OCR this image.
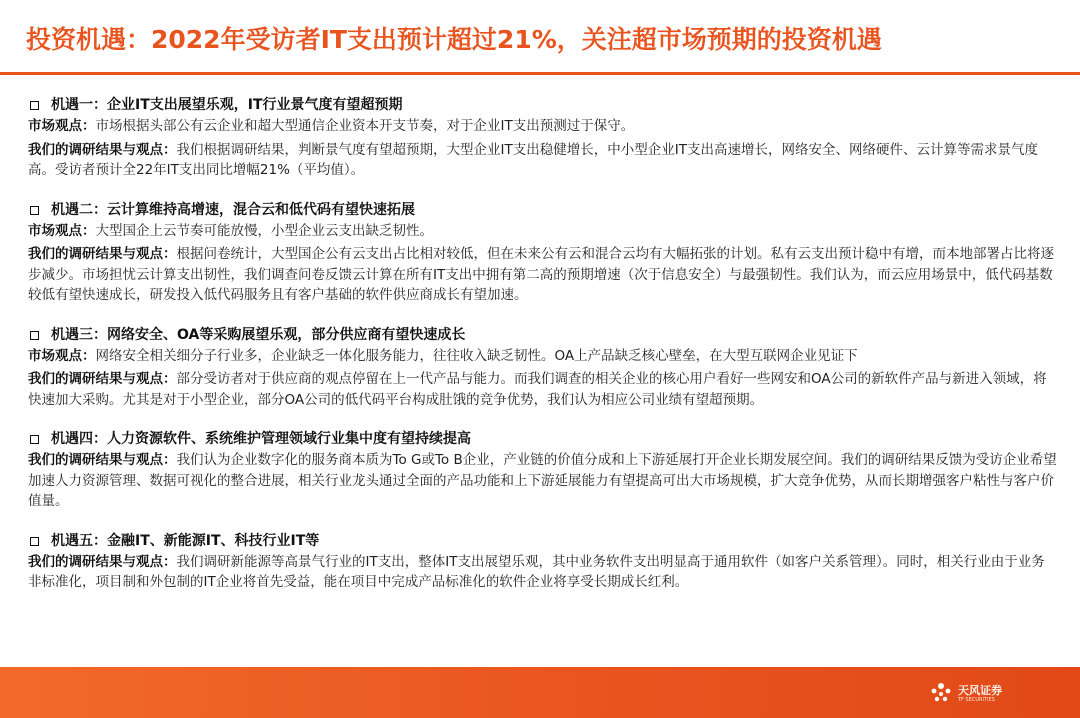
投资机遇：2022年受访者IT支出预计超过21%，关注超市场预期的投资机遇
机遇一：企业IT支出展望乐观，IT行业景气度有望超预期

市场观点：市场根据头部公有云企业和超大型通信企业资本开支节奏，对于企业IT支出预测过于保守。

我们的调研结果与观点：我们根据调研结果，判断景气度有望超预期，大型企业IT支出稳健增长，中小型企业IT支出高速增长，网络安全、网络硬件、云计算等需求景气度高。受访者预计全22年IT支出同比增幅21%（平均值）。

机遇二：云计算维持高增速，混合云和低代码有望快速拓展

市场观点：大型国企上云节奏可能放慢，小型企业云支出缺乏韧性。

我们的调研结果与观点：根据问卷统计，大型国企公有云支出占比相对较低，但在未来公有云和混合云均有大幅拓张的计划。私有云支出预计稳中有增，而本地部署占比将逐步减少。市场担忧云计算支出韧性，我们调查问卷反馈云计算在所有IT支出中拥有第二高的预期增速（次于信息安全）与最强韧性。我们认为，而云应用场景中，低代码基数较低有望快速成长，研发投入低代码服务且有客户基础的软件供应商成长有望加速。

机遇三：网络安全、OA等采购展望乐观，部分供应商有望快速成长

市场观点：网络安全相关细分子行业多，企业缺乏一体化服务能力，往往收入缺乏韧性。OA上产品缺乏核心壁垒，在大型互联网企业见证下

我们的调研结果与观点：部分受访者对于供应商的观点停留在上一代产品与能力。而我们调查的相关企业的核心用户看好一些网安和OA公司的新软件产品与新进入领域，将快速加大采购。尤其是对于小型企业，部分OA公司的低代码平台构成肚饿的竞争优势，我们认为相应公司业绩有望超预期。

机遇四：人力资源软件、系统维护管理领域行业集中度有望持续提高

我们的调研结果与观点：我们认为企业数字化的服务商本质为To G或To B企业，产业链的价值分成和上下游延展打开企业长期发展空间。我们的调研结果反馈为受访企业希望加速人力资源管理、数据可视化的整合进展，相关行业龙头通过全面的产品功能和上下游延展能力有望提高可出大市场规模，扩大竞争优势，从而长期增强客户粘性与客户价值量。

机遇五：金融IT、新能源IT、科技行业IT等

我们的调研结果与观点：我们调研新能源等高景气行业的IT支出，整体IT支出展望乐观，其中业务软件支出明显高于通用软件（如客户关系管理）。同时，相关行业由于业务非标准化，项目制和外包制的IT企业将首先受益，能在项目中完成产品标准化的软件企业将享受长期成长红利。

天风证券
TF SECURITIES
